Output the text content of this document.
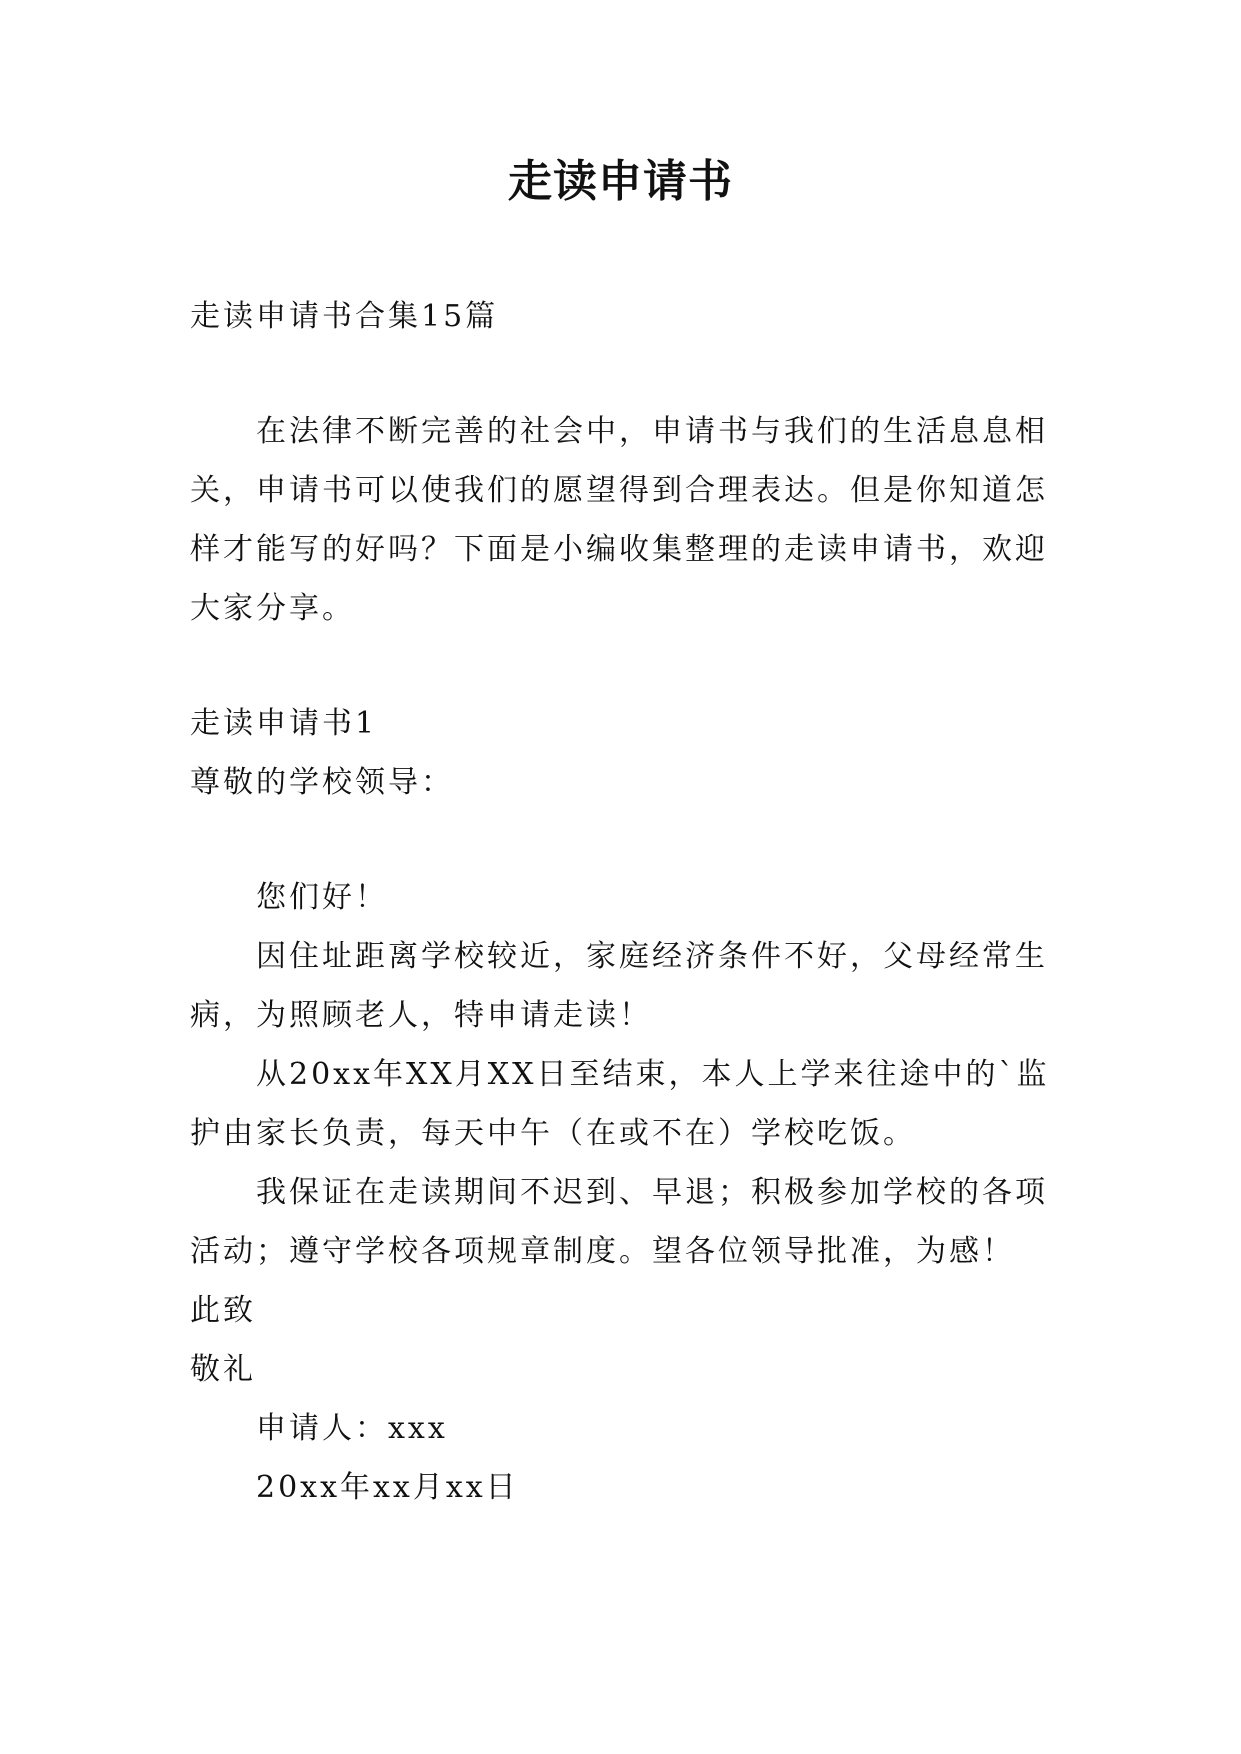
走读申请书
走读申请书合集15篇
在法律不断完善的社会中，申请书与我们的生活息息相
关，申请书可以使我们的愿望得到合理表达。但是你知道怎
样才能写的好吗？下面是小编收集整理的走读申请书，欢迎
大家分享。
走读申请书1
尊敬的学校领导：
您们好！
因住址距离学校较近，家庭经济条件不好，父母经常生
病，为照顾老人，特申请走读！
从20xx年XX月XX日至结束，本人上学来往途中的`监
护由家长负责，每天中午（在或不在）学校吃饭。
我保证在走读期间不迟到、早退；积极参加学校的各项
活动；遵守学校各项规章制度。望各位领导批准，为感！
此致
敬礼
申请人：xxx
20xx年xx月xx日
